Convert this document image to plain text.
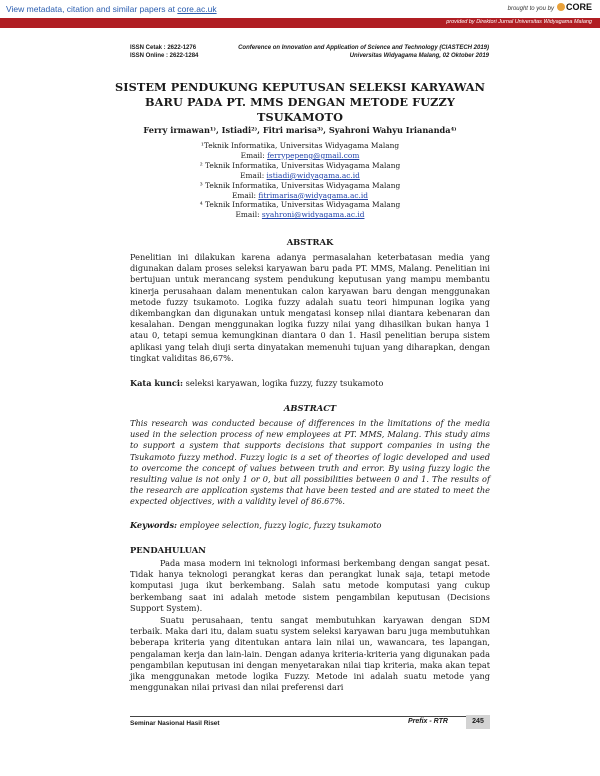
View metadata, citation and similar papers at core.ac.uk	brought to you by	CORE
provided by Direktori Jurnal Universitas Widyagama Malang
ISSN Cetak : 2622-1276
ISSN Online : 2622-1284
Conference on Innovation and Application of Science and Technology (CIASTECH 2019)
Universitas Widyagama Malang, 02 Oktober 2019
SISTEM PENDUKUNG KEPUTUSAN SELEKSI KARYAWAN
BARU PADA PT. MMS DENGAN METODE FUZZY TSUKAMOTO
Ferry irmawan¹⁾, Istiadi²⁾, Fitri marisa³⁾, Syahroni Wahyu Iriananda⁴⁾
¹Teknik Informatika, Universitas Widyagama Malang
Email: ferrypepeng@gmail.com
² Teknik Informatika, Universitas Widyagama Malang
Email: istiadi@widyagama.ac.id
³ Teknik Informatika, Universitas Widyagama Malang
Email: fitrimarisa@widyagama.ac.id
⁴ Teknik Informatika, Universitas Widyagama Malang
Email: syahroni@widyagama.ac.id
ABSTRAK
Penelitian ini dilakukan karena adanya permasalahan keterbatasan media yang digunakan dalam proses seleksi karyawan baru pada PT. MMS, Malang. Penelitian ini bertujuan untuk merancang system pendukung keputusan yang mampu membantu kinerja perusahaan dalam menentukan calon karyawan baru dengan menggunakan metode fuzzy tsukamoto. Logika fuzzy adalah suatu teori himpunan logika yang dikembangkan dan digunakan untuk mengatasi konsep nilai diantara kebenaran dan kesalahan. Dengan menggunakan logika fuzzy nilai yang dihasilkan bukan hanya 1 atau 0, tetapi semua kemungkinan diantara 0 dan 1. Hasil penelitian berupa sistem aplikasi yang telah diuji serta dinyatakan memenuhi tujuan yang diharapkan, dengan tingkat validitas 86,67%.
Kata kunci: seleksi karyawan, logika fuzzy, fuzzy tsukamoto
ABSTRACT
This research was conducted because of differences in the limitations of the media used in the selection process of new employees at PT. MMS, Malang. This study aims to support a system that supports decisions that support companies in using the Tsukamoto fuzzy method. Fuzzy logic is a set of theories of logic developed and used to overcome the concept of values between truth and error. By using fuzzy logic the resulting value is not only 1 or 0, but all possibilities between 0 and 1. The results of the research are application systems that have been tested and are stated to meet the expected objectives, with a validity level of 86.67%.
Keywords: employee selection, fuzzy logic, fuzzy tsukamoto
PENDAHULUAN
Pada masa modern ini teknologi informasi berkembang dengan sangat pesat. Tidak hanya teknologi perangkat keras dan perangkat lunak saja, tetapi metode komputasi juga ikut berkembang. Salah satu metode komputasi yang cukup berkembang saat ini adalah metode sistem pengambilan keputusan (Decisions Support System).
Suatu perusahaan, tentu sangat membutuhkan karyawan dengan SDM terbaik. Maka dari itu, dalam suatu system seleksi karyawan baru juga membutuhkan beberapa kriteria yang ditentukan antara lain nilai un, wawancara, tes lapangan, pengalaman kerja dan lain-lain. Dengan adanya kriteria-kriteria yang digunakan pada pengambilan keputusan ini dengan menyetarakan nilai tiap kriteria, maka akan tepat jika menggunakan metode logika Fuzzy. Metode ini adalah suatu metode yang menggunakan nilai privasi dan nilai preferensi dari
Seminar Nasional Hasil Riset	Prefix - RTR	245
